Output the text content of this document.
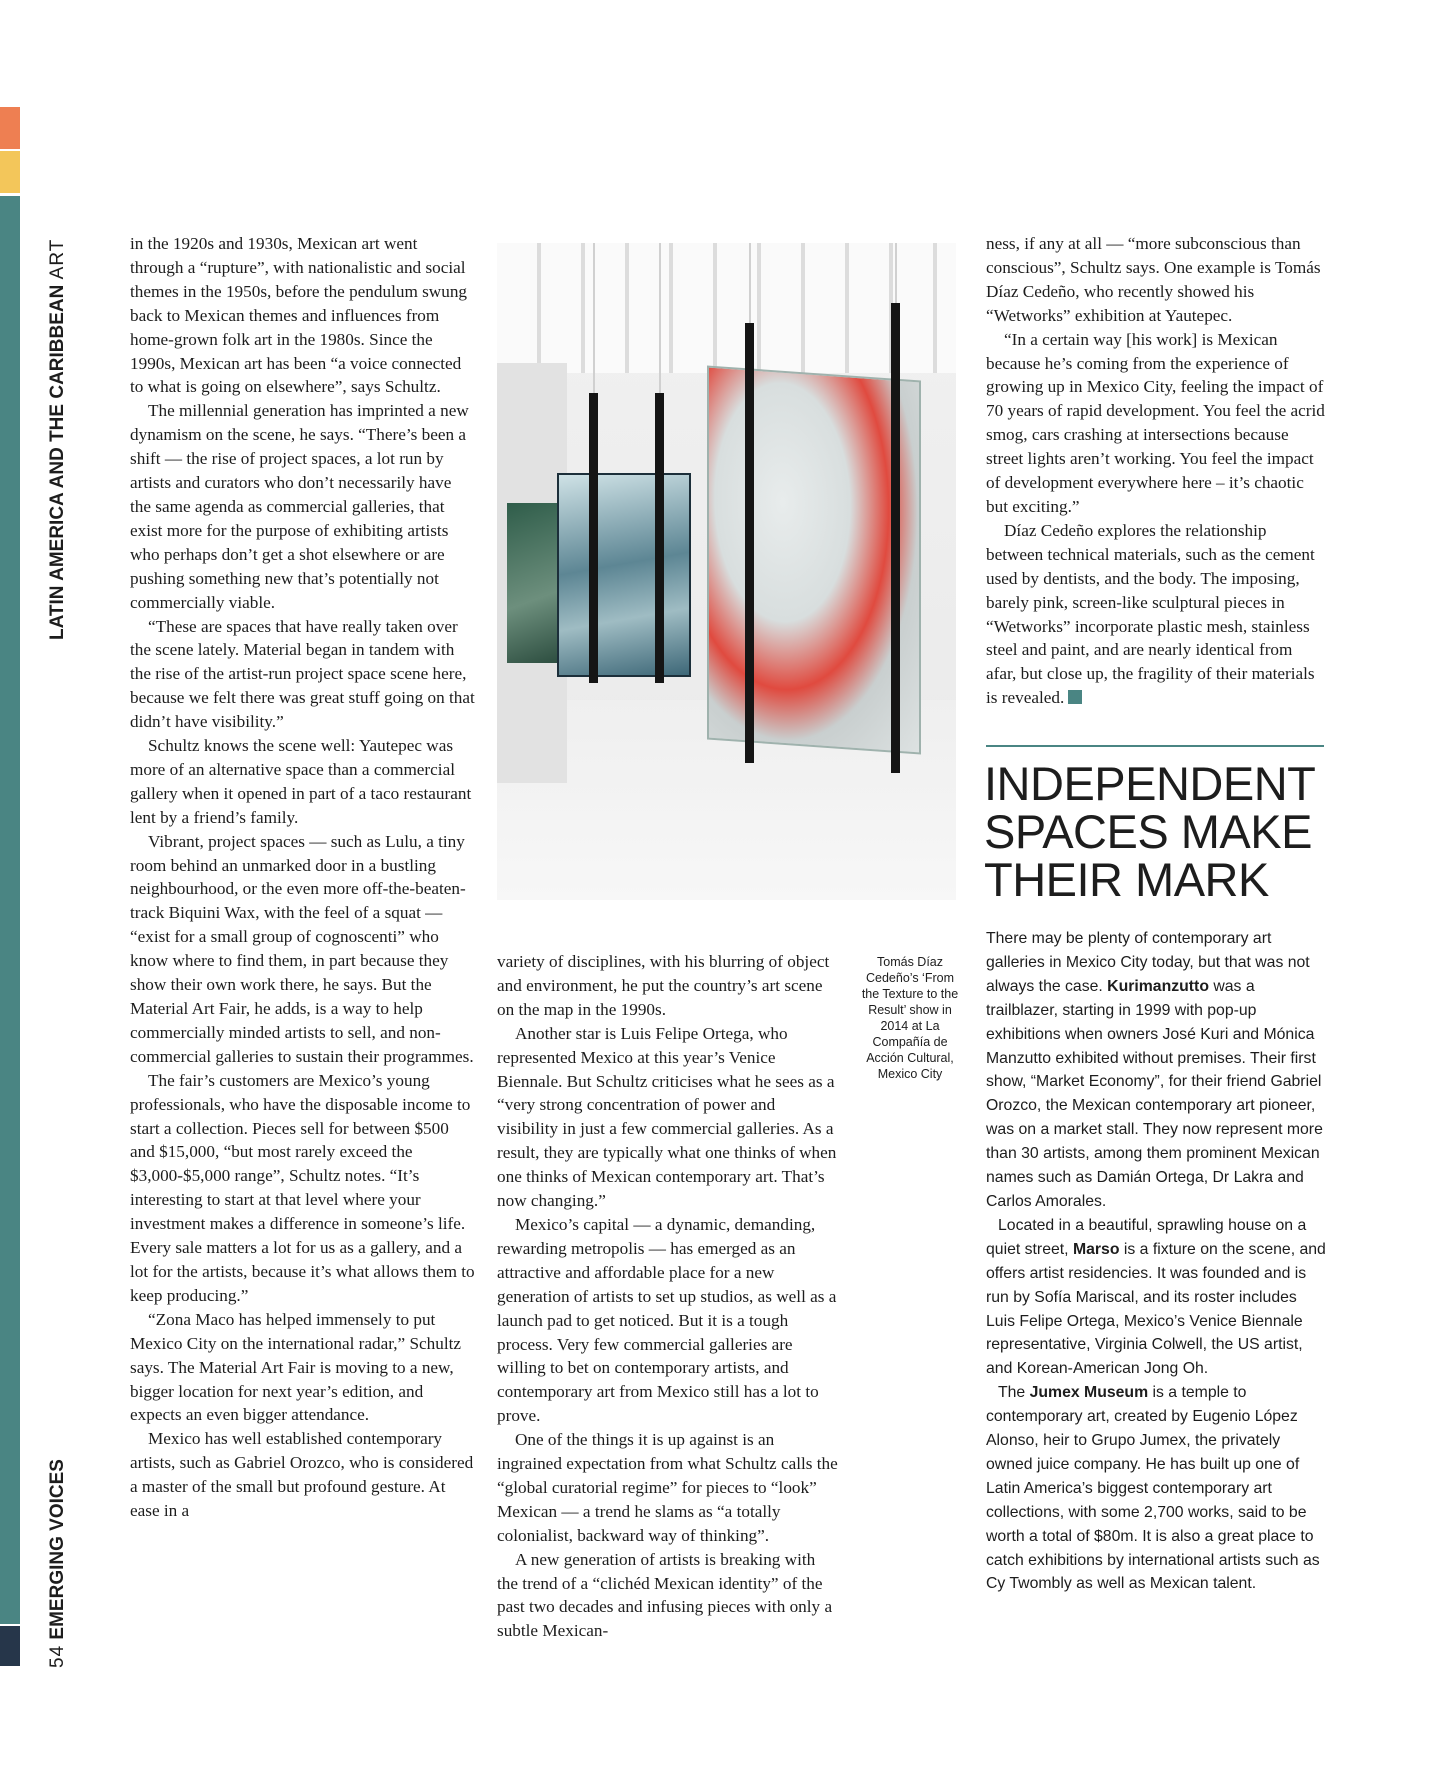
LATIN AMERICA AND THE CARIBBEAN ART
54 EMERGING VOICES

in the 1920s and 1930s, Mexican art went through a “rupture”, with nationalistic and social themes in the 1950s, before the pendulum swung back to Mexican themes and influences from home-grown folk art in the 1980s. Since the 1990s, Mexican art has been “a voice connected to what is going on elsewhere”, says Schultz.

The millennial generation has imprinted a new dynamism on the scene, he says. “There’s been a shift — the rise of project spaces, a lot run by artists and curators who don’t necessarily have the same agenda as commercial galleries, that exist more for the purpose of exhibiting artists who perhaps don’t get a shot elsewhere or are pushing something new that’s potentially not commercially viable.

“These are spaces that have really taken over the scene lately. Material began in tandem with the rise of the artist-run project space scene here, because we felt there was great stuff going on that didn’t have visibility.”

Schultz knows the scene well: Yautepec was more of an alternative space than a commercial gallery when it opened in part of a taco restaurant lent by a friend’s family.

Vibrant, project spaces — such as Lulu, a tiny room behind an unmarked door in a bustling neighbourhood, or the even more off-the-beaten-track Biquini Wax, with the feel of a squat — “exist for a small group of cognoscenti” who know where to find them, in part because they show their own work there, he says. But the Material Art Fair, he adds, is a way to help commercially minded artists to sell, and non-commercial galleries to sustain their programmes.

The fair’s customers are Mexico’s young professionals, who have the disposable income to start a collection. Pieces sell for between $500 and $15,000, “but most rarely exceed the $3,000-$5,000 range”, Schultz notes. “It’s interesting to start at that level where your investment makes a difference in someone’s life. Every sale matters a lot for us as a gallery, and a lot for the artists, because it’s what allows them to keep producing.”

“Zona Maco has helped immensely to put Mexico City on the international radar,” Schultz says. The Material Art Fair is moving to a new, bigger location for next year’s edition, and expects an even bigger attendance.

Mexico has well established contemporary artists, such as Gabriel Orozco, who is considered a master of the small but profound gesture. At ease in a

variety of disciplines, with his blurring of object and environment, he put the country’s art scene on the map in the 1990s.

Another star is Luis Felipe Ortega, who represented Mexico at this year’s Venice Biennale. But Schultz criticises what he sees as a “very strong concentration of power and visibility in just a few commercial galleries. As a result, they are typically what one thinks of when one thinks of Mexican contemporary art. That’s now changing.”

Mexico’s capital — a dynamic, demanding, rewarding metropolis — has emerged as an attractive and affordable place for a new generation of artists to set up studios, as well as a launch pad to get noticed. But it is a tough process. Very few commercial galleries are willing to bet on contemporary artists, and contemporary art from Mexico still has a lot to prove.

One of the things it is up against is an ingrained expectation from what Schultz calls the “global curatorial regime” for pieces to “look” Mexican — a trend he slams as “a totally colonialist, backward way of thinking”.

A new generation of artists is breaking with the trend of a “clichéd Mexican identity” of the past two decades and infusing pieces with only a subtle Mexican-

Tomás Díaz Cedeño’s ‘From the Texture to the Result’ show in 2014 at La Compañía de Acción Cultural, Mexico City

ness, if any at all — “more subconscious than conscious”, Schultz says. One example is Tomás Díaz Cedeño, who recently showed his “Wetworks” exhibition at Yautepec.

“In a certain way [his work] is Mexican because he’s coming from the experience of growing up in Mexico City, feeling the impact of 70 years of rapid development. You feel the acrid smog, cars crashing at intersections because street lights aren’t working. You feel the impact of development everywhere here – it’s chaotic but exciting.”

Díaz Cedeño explores the relationship between technical materials, such as the cement used by dentists, and the body. The imposing, barely pink, screen-like sculptural pieces in “Wetworks” incorporate plastic mesh, stainless steel and paint, and are nearly identical from afar, but close up, the fragility of their materials is revealed.

INDEPENDENT SPACES MAKE THEIR MARK

There may be plenty of contemporary art galleries in Mexico City today, but that was not always the case. Kurimanzutto was a trailblazer, starting in 1999 with pop-up exhibitions when owners José Kuri and Mónica Manzutto exhibited without premises. Their first show, “Market Economy”, for their friend Gabriel Orozco, the Mexican contemporary art pioneer, was on a market stall. They now represent more than 30 artists, among them prominent Mexican names such as Damián Ortega, Dr Lakra and Carlos Amorales.

Located in a beautiful, sprawling house on a quiet street, Marso is a fixture on the scene, and offers artist residencies. It was founded and is run by Sofía Mariscal, and its roster includes Luis Felipe Ortega, Mexico’s Venice Biennale representative, Virginia Colwell, the US artist, and Korean-American Jong Oh.

The Jumex Museum is a temple to contemporary art, created by Eugenio López Alonso, heir to Grupo Jumex, the privately owned juice company. He has built up one of Latin America’s biggest contemporary art collections, with some 2,700 works, said to be worth a total of $80m. It is also a great place to catch exhibitions by international artists such as Cy Twombly as well as Mexican talent.
